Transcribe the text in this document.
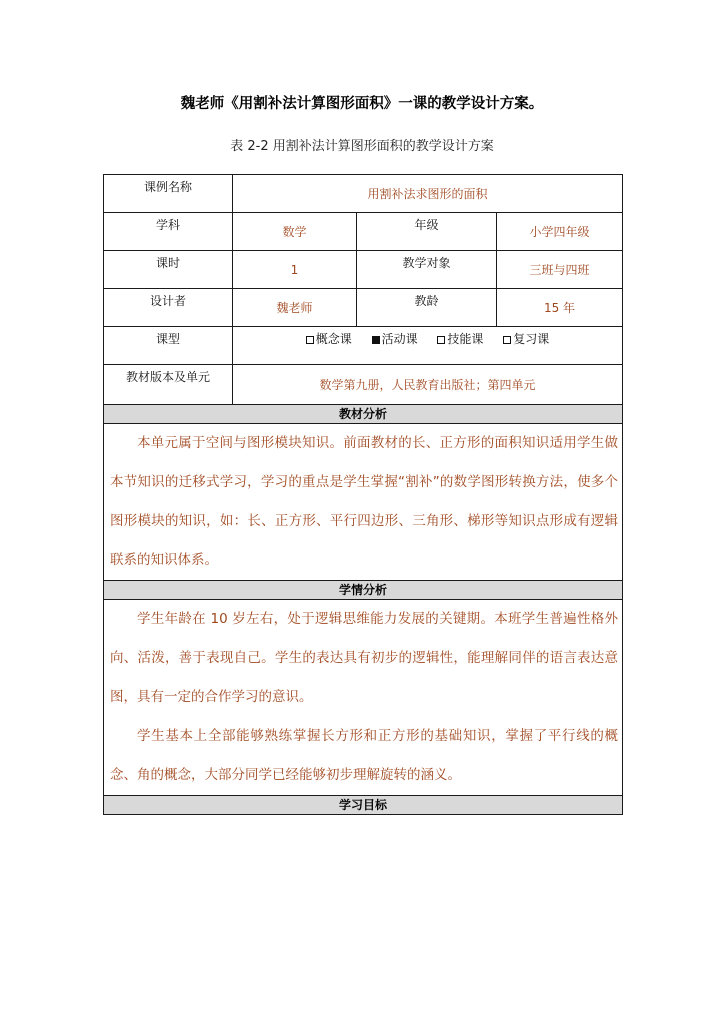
魏老师《用割补法计算图形面积》一课的教学设计方案。
表 2-2 用割补法计算图形面积的教学设计方案
课例名称	用割补法求图形的面积		
学科	数学	年级	小学四年级
课时	1	教学对象	三班与四班
设计者	魏老师	教龄	15 年
课型	概念课 活动课 技能课 复习课		
教材版本及单元	数学第九册，人民教育出版社；第四单元		
教材分析			

本单元属于空间与图形模块知识。前面教材的长、正方形的面积知识适用学生做本节知识的迁移式学习，学习的重点是学生掌握“割补”的数学图形转换方法，使多个图形模块的知识，如：长、正方形、平行四边形、三角形、梯形等知识点形成有逻辑联系的知识体系。			

学情分析			

学生年龄在 10 岁左右，处于逻辑思维能力发展的关键期。本班学生普遍性格外向、活泼，善于表现自己。学生的表达具有初步的逻辑性，能理解同伴的语言表达意图，具有一定的合作学习的意识。

学生基本上全部能够熟练掌握长方形和正方形的基础知识，掌握了平行线的概念、角的概念，大部分同学已经能够初步理解旋转的涵义。			

学习目标			
